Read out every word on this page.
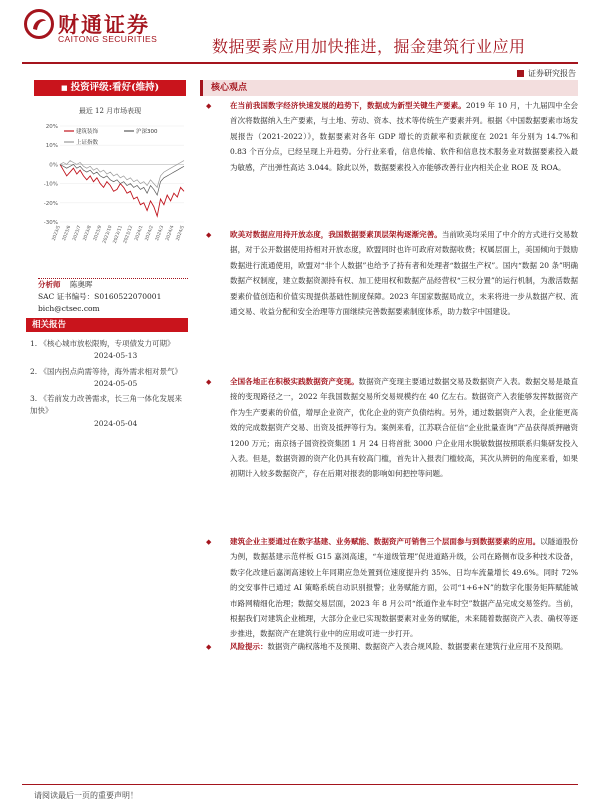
财通证券
CAITONG SECURITIES	数据要素应用加快推进，掘金建筑行业应用
证券研究报告
■ 投资评级:看好(维持)
最近 12 月市场表现
20%
10%
0%
-10%
-20%
-30%
2023/5 2023/6 2023/7 2023/8 2023/9 2023/10 2023/11 2023/12 2024/1 2024/2 2024/3 2024/4 2024/5
建筑装饰	沪深300
上证指数
分析师 陈奥晖
SAC 证书编号：S0160522070001
bich@ctsec.com
相关报告
1. 《核心城市放松限购，专项债发力可期》
2024-05-13
2. 《国内拐点尚需等待，海外需求相对景气》
2024-05-05
3. 《若前发力改善需求，长三角一体化发展来加快》
2024-05-04
核心观点
◆	在当前我国数字经济快速发展的趋势下，数据成为新型关键生产要素。2019 年 10 月，十九届四中全会首次将数据纳入生产要素，与土地、劳动、资本、技术等传统生产要素并列。根据《中国数据要素市场发展报告（2021-2022）》，数据要素对各年 GDP 增长的贡献率和贡献度在 2021 年分别为 14.7%和 0.83 个百分点，已经呈现上升趋势。分行业来看，信息传输、软件和信息技术服务业对数据要素投入最为敏感，产出弹性高达 3.044。除此以外，数据要素投入亦能够改善行业内相关企业 ROE 及 ROA。
◆	欧美对数据应用持开放态度，我国数据要素顶层架构逐渐完善。当前欧美均采用了中介的方式进行交易数据，对于公开数据使用持相对开放态度，欧盟同时也许可政府对数据收费；权属层面上，美国倾向于鼓励数据进行流通使用，欧盟对“非个人数据”也给予了持有者和处理者“数据生产权”。国内“数据 20 条”明确数据产权制度，建立数据资源持有权、加工使用权和数据产品经营权“三权分置”的运行机制，为激活数据要素价值创造和价值实现提供基础性制度保障。2023 年国家数据局成立，未来将进一步从数据产权、流通交易、收益分配和安全治理等方面继续完善数据要素制度体系，助力数字中国建设。
◆	全国各地正在积极实践数据资产变现。数据资产变现主要通过数据交易及数据资产入表。数据交易是最直接的变现路径之一，2022 年我国数据交易所交易规模约在 40 亿左右。数据资产入表能够发挥数据资产作为生产要素的价值，增厚企业资产，优化企业的资产负债结构。另外，通过数据资产入表，企业能更高效的完成数据资产交易、出资及抵押等行为。案例来看，江苏联合征信“企业批量查询”产品获得质押融资 1200 万元；南京扬子国资投资集团 1 月 24 日将首批 3000 户企业用水脱敏数据按照联系归集研发投入入表。但是，数据资源的资产化仍具有较高门槛，首先计入报表门槛较高，其次从辨钥的角度来看，如果初期计入较多数据资产，存在后期对报表的影响如何把控等问题。
◆	建筑企业主要通过在数字基建、业务赋能、数据资产可销售三个层面参与到数据要素的应用。以隧道股份为例，数据基建示范样板 G15 嘉浏高速，“车道级管理”促进道路升级，公司在路侧布设多种技术设备，数字化改建后嘉浏高速较上年同期应急处置到位速度提升约 35%、日均车流量增长 49.6%。同时 72%的交安事件已通过 AI 策略系统自动识别报警；业务赋能方面，公司“1+6+N”的数字化服务矩阵赋能城市路网精细化治理；数据交易层面，2023 年 8 月公司“纸道作业车时空”数据产品完成交易签约。当前，根据我们对建筑企业梳理，大部分企业已实现数据要素对业务的赋能，未来随着数据资产入表、确权等逐步推进，数据资产在建筑行业中的应用或可进一步打开。
◆	风险提示：数据资产确权落地不及预期、数据资产入表合规风险、数据要素在建筑行业应用不及预期。
请阅读最后一页的重要声明！
